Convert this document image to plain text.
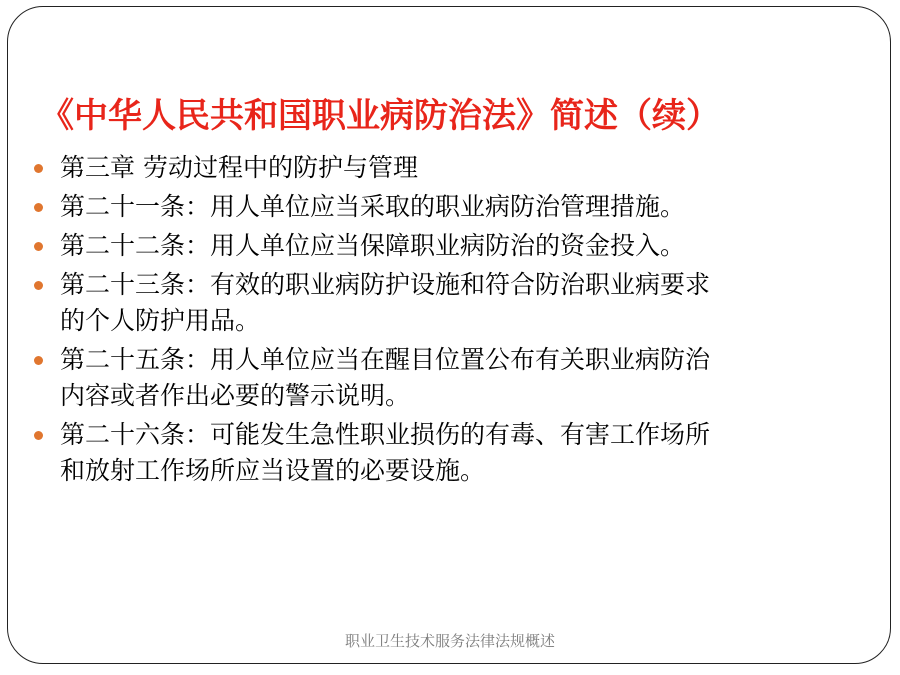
《中华人民共和国职业病防治法》简述（续）
第三章 劳动过程中的防护与管理
第二十一条：用人单位应当采取的职业病防治管理措施。
第二十二条：用人单位应当保障职业病防治的资金投入。
第二十三条：有效的职业病防护设施和符合防治职业病要求
的个人防护用品。
第二十五条：用人单位应当在醒目位置公布有关职业病防治
内容或者作出必要的警示说明。
第二十六条：可能发生急性职业损伤的有毒、有害工作场所
和放射工作场所应当设置的必要设施。
职业卫生技术服务法律法规概述
